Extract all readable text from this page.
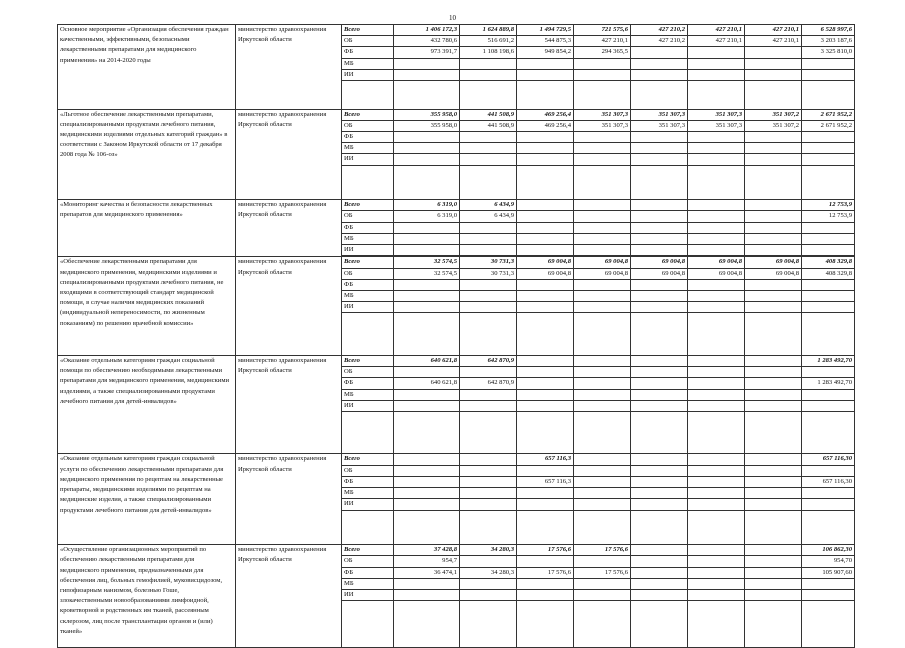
10
Основное мероприятие «Организация обеспечения граждан качественными, эффективными, безопасными лекарственными препаратами для медицинского применения» на 2014-2020 годы	министерство здравоохранения Иркутской области	Всего	1 406 172,3	1 624 889,8	1 494 729,5	721 575,6	427 210,2	427 210,1	427 210,1	6 528 997,6
		ОБ	432 780,6	516 691,2	544 875,3	427 210,1	427 210,2	427 210,1	427 210,1	3 203 187,6
		ФБ	973 391,7	1 108 198,6	949 854,2	294 365,5				3 325 810,0
		МБ								
		ИИ								

«Льготное обеспечение лекарственными препаратами, специализированными продуктами лечебного питания, медицинскими изделиями отдельных категорий граждан» в соответствии с Законом Иркутской области от 17 декабря 2008 года № 106-оз»	министерство здравоохранения Иркутской области	Всего	355 958,0	441 508,9	469 256,4	351 307,3	351 307,3	351 307,3	351 307,2	2 671 952,2
		ОБ	355 958,0	441 508,9	469 256,4	351 307,3	351 307,3	351 307,3	351 307,2	2 671 952,2
		ФБ								
		МБ								
		ИИ								

«Мониторинг качества и безопасности лекарственных препаратов для медицинского применения»	министерство здравоохранения Иркутской области	Всего	6 319,0	6 434,9						12 753,9
		ОБ	6 319,0	6 434,9						12 753,9
		ФБ								
		МБ								
		ИИ								

«Обеспечение лекарственными препаратами для медицинского применения, медицинскими изделиями и специализированными продуктами лечебного питания, не входящими в соответствующий стандарт медицинской помощи, в случае наличия медицинских показаний (индивидуальной непереносимости, по жизненным показаниям) по решению врачебной комиссии»	министерство здравоохранения Иркутской области	Всего	32 574,5	30 731,3	69 004,8	69 004,8	69 004,8	69 004,8	69 004,8	408 329,8
		ОБ	32 574,5	30 731,3	69 004,8	69 004,8	69 004,8	69 004,8	69 004,8	408 329,8
		ФБ								
		МБ								
		ИИ								

«Оказание отдельным категориям граждан социальной помощи по обеспечению необходимыми лекарственными препаратами для медицинского применения, медицинскими изделиями, а также специализированными продуктами лечебного питания для детей-инвалидов»	министерство здравоохранения Иркутской области	Всего	640 621,8	642 870,9						1 283 492,70
		ОБ								
		ФБ	640 621,8	642 870,9						1 283 492,70
		МБ								
		ИИ								

«Оказание отдельным категориям граждан социальной услуги по обеспечению лекарственными препаратами для медицинского применения по рецептам на лекарственные препараты, медицинскими изделиями по рецептам на медицинские изделия, а также специализированными продуктами лечебного питания для детей-инвалидов»	министерство здравоохранения Иркутской области	Всего			657 116,3					657 116,30
		ОБ								
		ФБ			657 116,3					657 116,30
		МБ								
		ИИ								

«Осуществление организационных мероприятий по обеспечению лекарственными препаратами для медицинского применения, предназначенными для обеспечения лиц, больных гемофилией, муковисцидозом, гипофизарным нанизмом, болезнью Гоше, злокачественными новообразованиями лимфоидной, кроветворной и родственных им тканей, рассеянным склерозом, лиц после трансплантации органов и (или) тканей»	министерство здравоохранения Иркутской области	Всего	37 428,8	34 280,3	17 576,6	17 576,6				106 862,30
		ОБ	954,7							954,70
		ФБ	36 474,1	34 280,3	17 576,6	17 576,6				105 907,60
		МБ								
		ИИ								
